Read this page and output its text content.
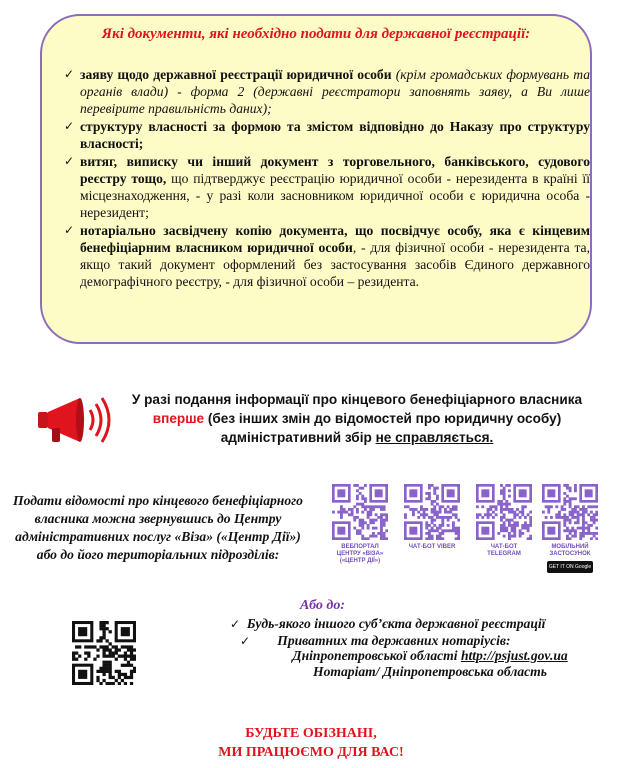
Які документи, які необхідно подати для державної реєстрації:
✓ заяву щодо державної реєстрації юридичної особи (крім громадських формувань та органів влади) - форма 2 (державні реєстратори заповнять заяву, а Ви лише перевірите правильність даних);
✓ структуру власності за формою та змістом відповідно до Наказу про структуру власності;
✓ витяг, виписку чи інший документ з торговельного, банківського, судового реєстру тощо, що підтверджує реєстрацію юридичної особи - нерезидента в країні її місцезнаходження, - у разі коли засновником юридичної особи є юридична особа - нерезидент;
✓ нотаріально засвідчену копію документа, що посвідчує особу, яка є кінцевим бенефіціарним власником юридичної особи, - для фізичної особи - нерезидента та, якщо такий документ оформлений без застосування засобів Єдиного державного демографічного реєстру, - для фізичної особи – резидента.
У разі подання інформації про кінцевого бенефіціарного власника вперше (без інших змін до відомостей про юридичну особу) адміністративний збір не справляється.
Подати відомості про кінцевого бенефіціарного власника можна звернувшись до Центру адміністративних послуг «Віза» («Центр Дії») або до його територіальних підрозділів:	ВЕБПОРТАЛ ЦЕНТРУ «ВІЗА» («ЦЕНТР ДІЇ»)
ЧАТ-БОТ VIBER	ЧАТ-БОТ TELEGRAM
МОБІЛЬНИЙ ЗАСТОСУНОК
GET IT ON Google Play
Або до:
✓ Будь-якого іншого суб’єкта державної реєстрації
✓ Приватних та державних нотаріусів:
Дніпропетровської області http://psjust.gov.ua
Нотаріат/ Дніпропетровська область
БУДЬТЕ ОБІЗНАНІ,
МИ ПРАЦЮЄМО ДЛЯ ВАС!
